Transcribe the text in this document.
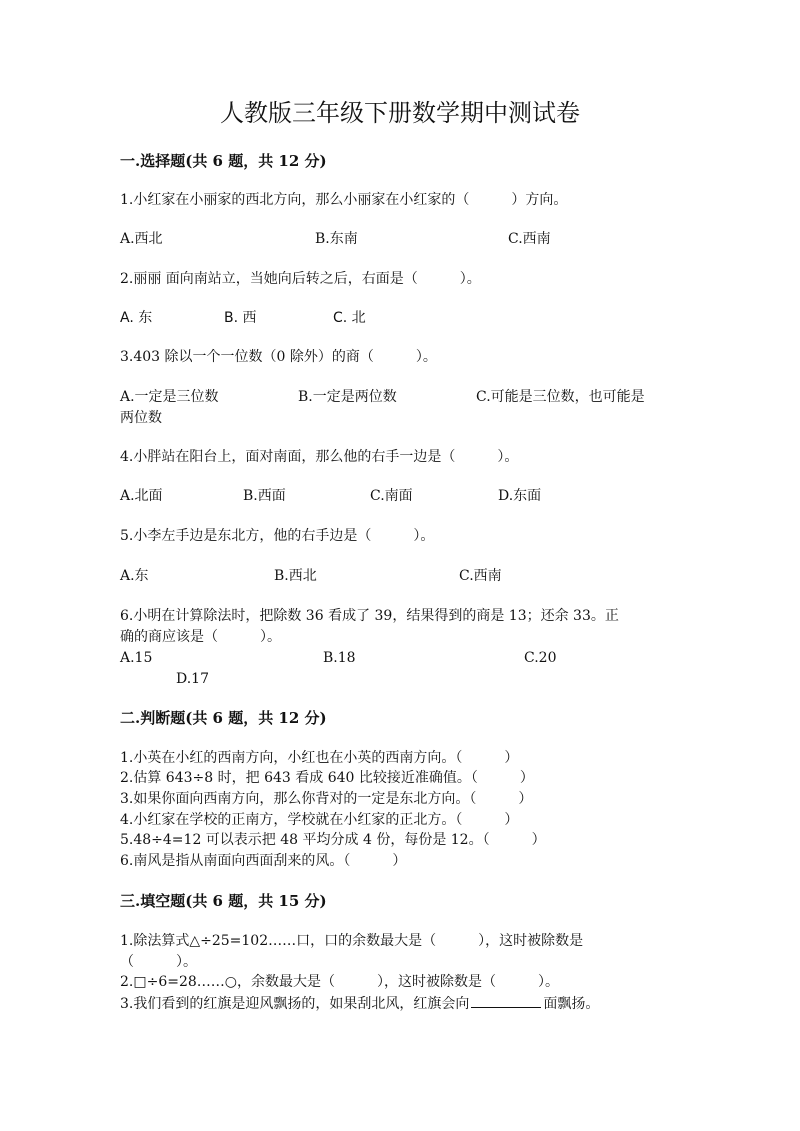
人教版三年级下册数学期中测试卷
一.选择题(共 6 题，共 12 分)
1.小红家在小丽家的西北方向，那么小丽家在小红家的（　　　）方向。
A.西北	B.东南	C.西南
2.丽丽 面向南站立，当她向后转之后，右面是（　　　）。
A. 东	B. 西	C. 北
3.403 除以一个一位数（0 除外）的商（　　　）。
A.一定是三位数	B.一定是两位数	C.可能是三位数，也可能是
两位数
4.小胖站在阳台上，面对南面，那么他的右手一边是（　　　）。
A.北面	B.西面	C.南面	D.东面
5.小李左手边是东北方，他的右手边是（　　　）。
A.东	B.西北	C.西南
6.小明在计算除法时，把除数 36 看成了 39，结果得到的商是 13；还余 33。正
确的商应该是（　　　）。
A.15	B.18	C.20
D.17
二.判断题(共 6 题，共 12 分)
1.小英在小红的西南方向，小红也在小英的西南方向。（　　　）
2.估算 643÷8 时，把 643 看成 640 比较接近准确值。（　　　）
3.如果你面向西南方向，那么你背对的一定是东北方向。（　　　）
4.小红家在学校的正南方，学校就在小红家的正北方。（　　　）
5.48÷4=12 可以表示把 48 平均分成 4 份，每份是 12。（　　　）
6.南风是指从南面向西面刮来的风。（　　　）
三.填空题(共 6 题，共 15 分)
1.除法算式△÷25=102……口，口的余数最大是（　　　），这时被除数是
（　　　）。
2.□÷6=28……○，余数最大是（　　　），这时被除数是（　　　）。
3.我们看到的红旗是迎风飘扬的，如果刮北风，红旗会向	面飘扬。
